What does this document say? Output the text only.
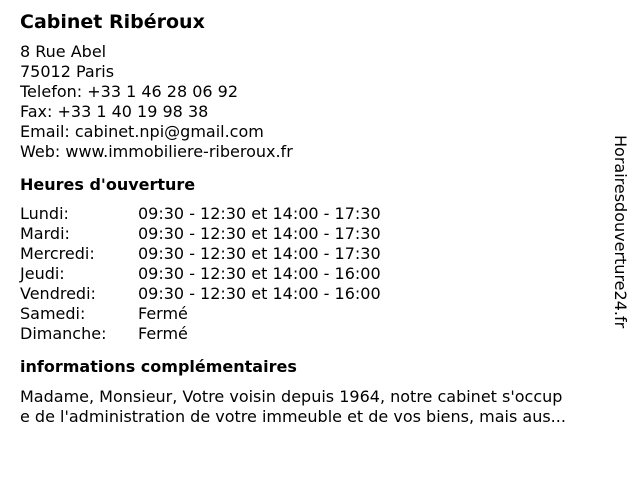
Cabinet Ribéroux
8 Rue Abel
75012 Paris
Telefon: +33 1 46 28 06 92
Fax: +33 1 40 19 98 38
Email: cabinet.npi@gmail.com
Web: www.immobiliere-riberoux.fr
Heures d'ouverture
Lundi:	09:30 - 12:30 et 14:00 - 17:30
Mardi:	09:30 - 12:30 et 14:00 - 17:30
Mercredi:	09:30 - 12:30 et 14:00 - 17:30
Jeudi:	09:30 - 12:30 et 14:00 - 16:00
Vendredi:	09:30 - 12:30 et 14:00 - 16:00
Samedi:	Fermé
Dimanche:	Fermé
informations complémentaires
Madame, Monsieur, Votre voisin depuis 1964, notre cabinet s'occup
e de l'administration de votre immeuble et de vos biens, mais aus...
Horairesdouverture24.fr
